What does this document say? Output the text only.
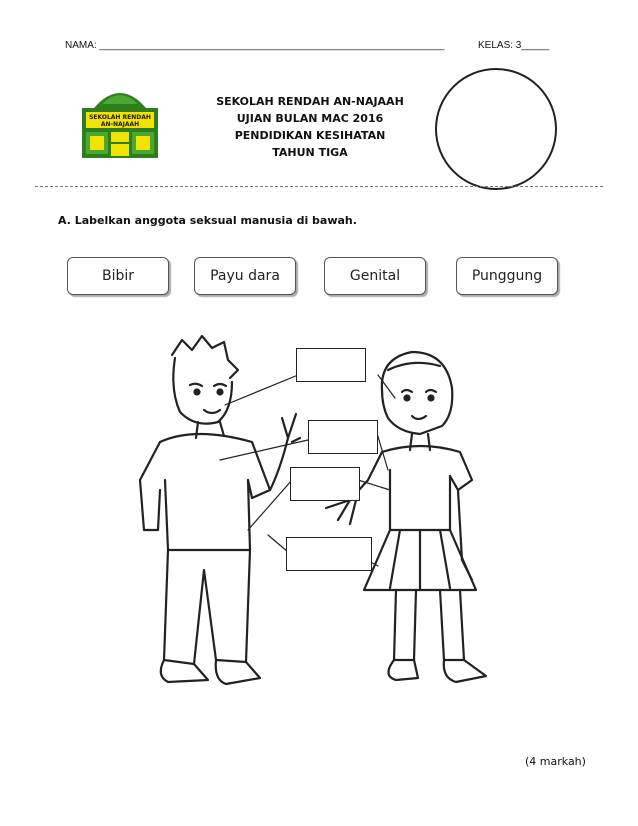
NAMA: ______________________________________________________________	KELAS: 3_____
SEKOLAH RENDAH
AN-NAJAAH
SEKOLAH RENDAH AN-NAJAAH
UJIAN BULAN MAC 2016
PENDIDIKAN KESIHATAN
TAHUN TIGA
A. Labelkan anggota seksual manusia di bawah.
Bibir	Payu dara	Genital	Punggung
(4 markah)
